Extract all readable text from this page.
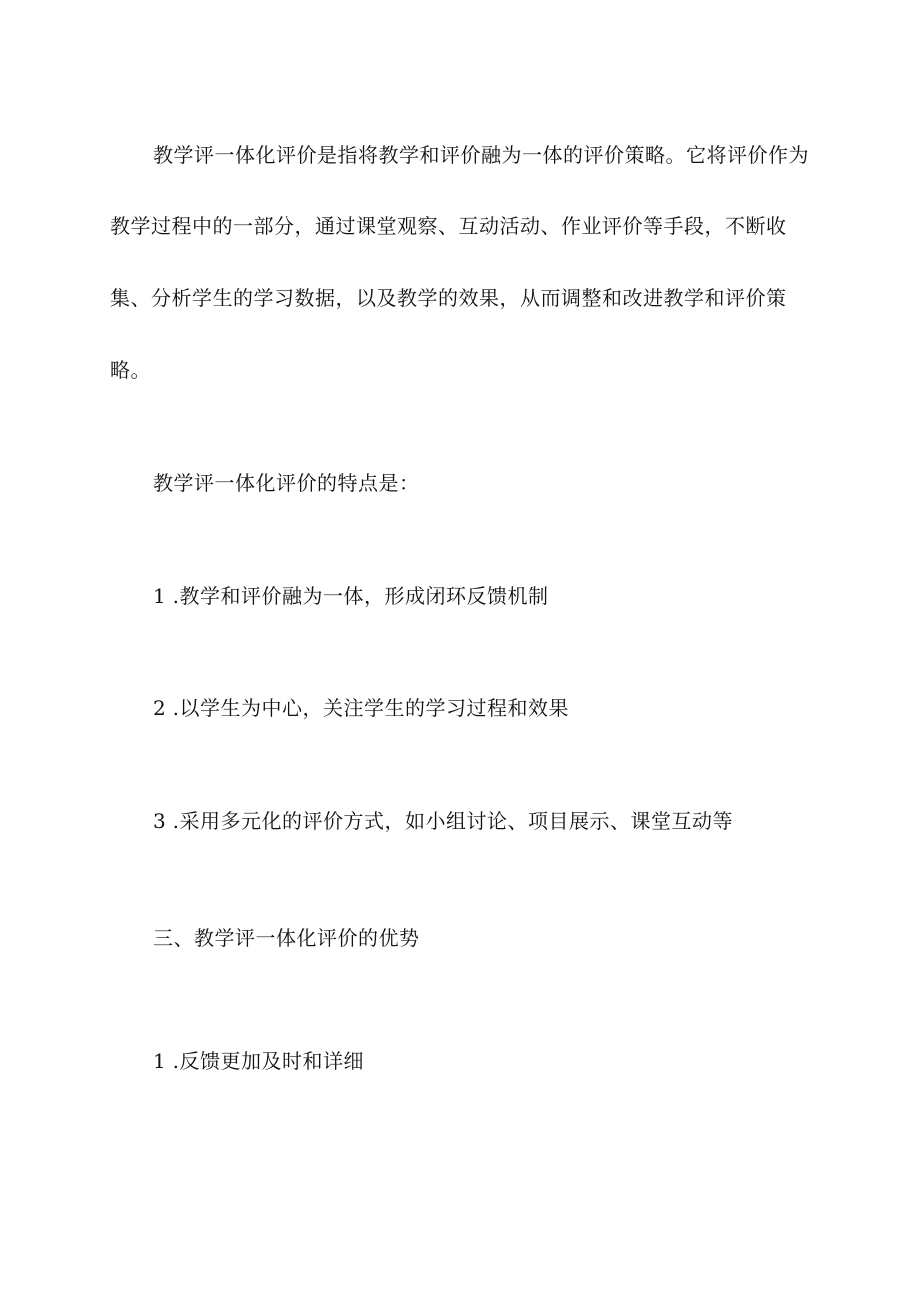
教学评一体化评价是指将教学和评价融为一体的评价策略。它将评价作为
教学过程中的一部分，通过课堂观察、互动活动、作业评价等手段，不断收
集、分析学生的学习数据，以及教学的效果，从而调整和改进教学和评价策
略。
教学评一体化评价的特点是：
1 .教学和评价融为一体，形成闭环反馈机制
2 .以学生为中心，关注学生的学习过程和效果
3 .采用多元化的评价方式，如小组讨论、项目展示、课堂互动等
三、教学评一体化评价的优势
1 .反馈更加及时和详细
